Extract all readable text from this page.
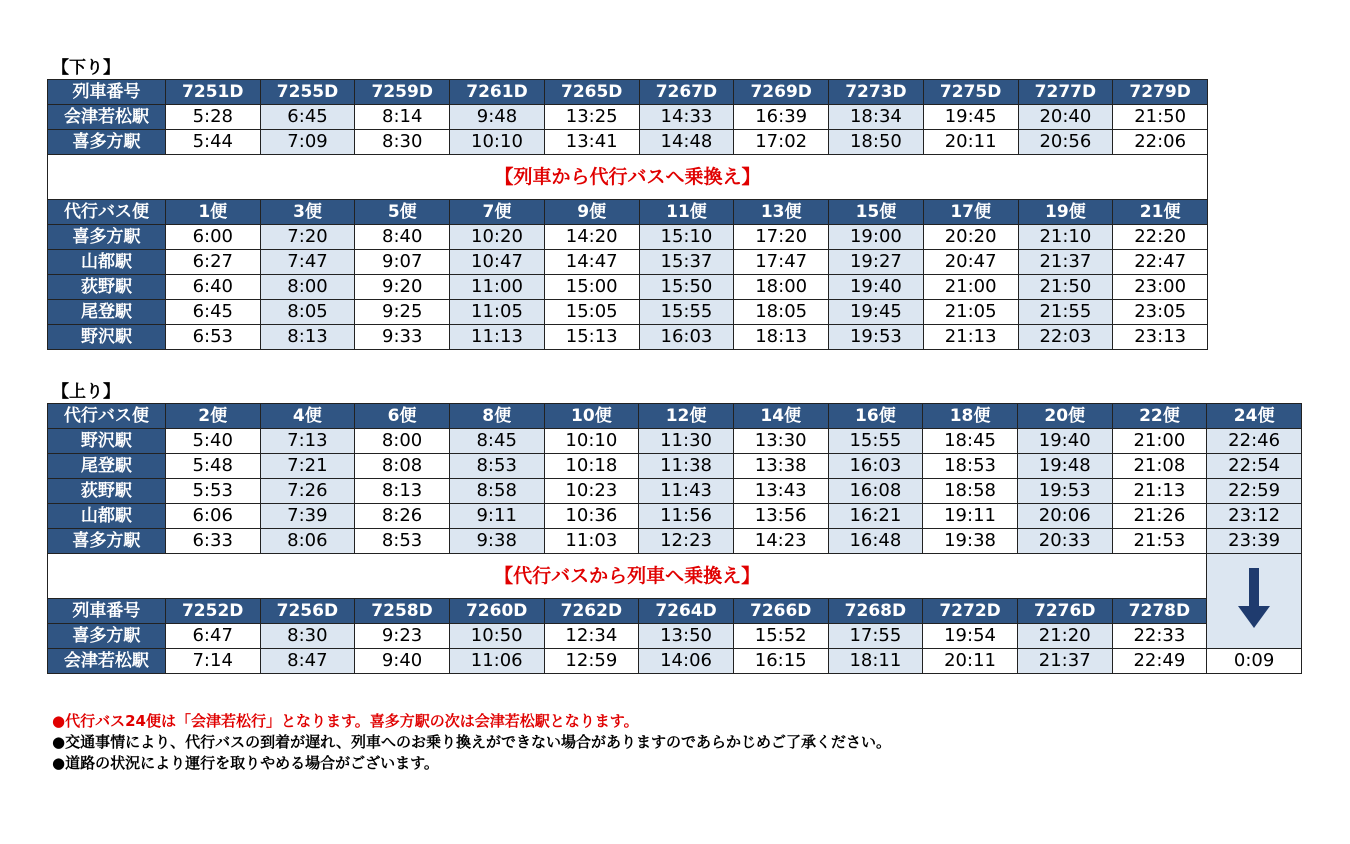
【下り】
列車番号	7251D	7255D	7259D	7261D	7265D	7267D	7269D	7273D	7275D	7277D	7279D
会津若松駅	5:28	6:45	8:14	9:48	13:25	14:33	16:39	18:34	19:45	20:40	21:50
喜多方駅	5:44	7:09	8:30	10:10	13:41	14:48	17:02	18:50	20:11	20:56	22:06
【列車から代行バスへ乗換え】											
代行バス便	1便	3便	5便	7便	9便	11便	13便	15便	17便	19便	21便
喜多方駅	6:00	7:20	8:40	10:20	14:20	15:10	17:20	19:00	20:20	21:10	22:20
山都駅	6:27	7:47	9:07	10:47	14:47	15:37	17:47	19:27	20:47	21:37	22:47
荻野駅	6:40	8:00	9:20	11:00	15:00	15:50	18:00	19:40	21:00	21:50	23:00
尾登駅	6:45	8:05	9:25	11:05	15:05	15:55	18:05	19:45	21:05	21:55	23:05
野沢駅	6:53	8:13	9:33	11:13	15:13	16:03	18:13	19:53	21:13	22:03	23:13
【上り】
代行バス便	2便	4便	6便	8便	10便	12便	14便	16便	18便	20便	22便	24便
野沢駅	5:40	7:13	8:00	8:45	10:10	11:30	13:30	15:55	18:45	19:40	21:00	22:46
尾登駅	5:48	7:21	8:08	8:53	10:18	11:38	13:38	16:03	18:53	19:48	21:08	22:54
荻野駅	5:53	7:26	8:13	8:58	10:23	11:43	13:43	16:08	18:58	19:53	21:13	22:59
山都駅	6:06	7:39	8:26	9:11	10:36	11:56	13:56	16:21	19:11	20:06	21:26	23:12
喜多方駅	6:33	8:06	8:53	9:38	11:03	12:23	14:23	16:48	19:38	20:33	21:53	23:39
【代行バスから列車へ乗換え】	
列車番号	7252D	7256D	7258D	7260D	7262D	7264D	7266D	7268D	7272D	7276D	7278D	
喜多方駅	6:47	8:30	9:23	10:50	12:34	13:50	15:52	17:55	19:54	21:20	22:33	
会津若松駅	7:14	8:47	9:40	11:06	12:59	14:06	16:15	18:11	20:11	21:37	22:49	0:09
●代行バス24便は「会津若松行」となります。喜多方駅の次は会津若松駅となります。
●交通事情により、代行バスの到着が遅れ、列車へのお乗り換えができない場合がありますのであらかじめご了承ください。
●道路の状況により運行を取りやめる場合がございます。
